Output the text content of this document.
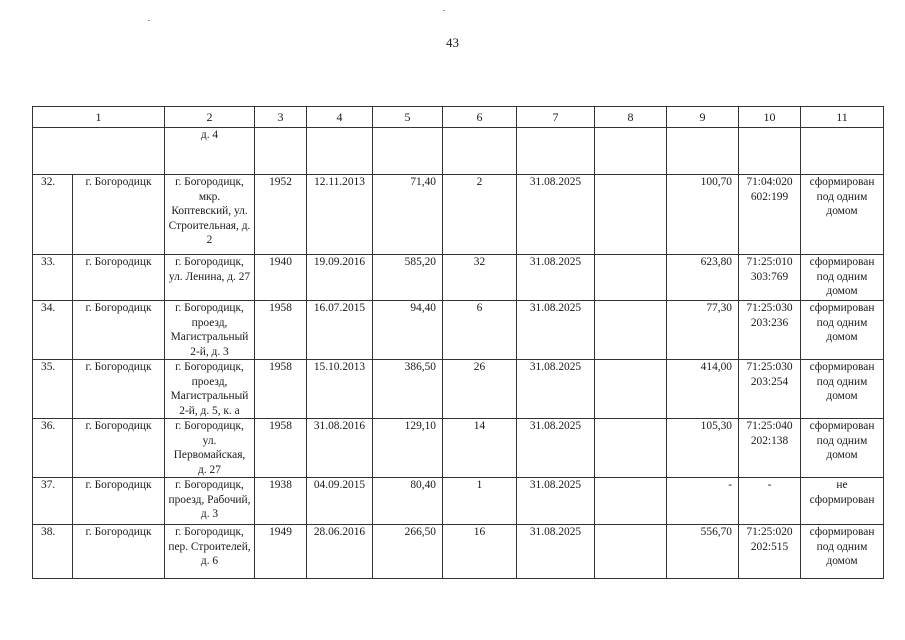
43
1		2	3	4	5	6	7	8	9	10	11
		д. 4									
32.	г. Богородицк	г. Богородицк, мкр. Коптевский, ул. Строительная, д. 2	1952	12.11.2013	71,40	2	31.08.2025		100,70	71:04:020 602:199	сформирован под одним домом
33.	г. Богородицк	г. Богородицк, ул. Ленина, д. 27	1940	19.09.2016	585,20	32	31.08.2025		623,80	71:25:010 303:769	сформирован под одним домом
34.	г. Богородицк	г. Богородицк, проезд, Магистральный 2-й, д. 3	1958	16.07.2015	94,40	6	31.08.2025		77,30	71:25:030 203:236	сформирован под одним домом
35.	г. Богородицк	г. Богородицк, проезд, Магистральный 2-й, д. 5, к. а	1958	15.10.2013	386,50	26	31.08.2025		414,00	71:25:030 203:254	сформирован под одним домом
36.	г. Богородицк	г. Богородицк, ул. Первомайская, д. 27	1958	31.08.2016	129,10	14	31.08.2025		105,30	71:25:040 202:138	сформирован под одним домом
37.	г. Богородицк	г. Богородицк, проезд, Рабочий, д. 3	1938	04.09.2015	80,40	1	31.08.2025		-	-	не сформирован
38.	г. Богородицк	г. Богородицк, пер. Строителей, д. 6	1949	28.06.2016	266,50	16	31.08.2025		556,70	71:25:020 202:515	сформирован под одним домом
